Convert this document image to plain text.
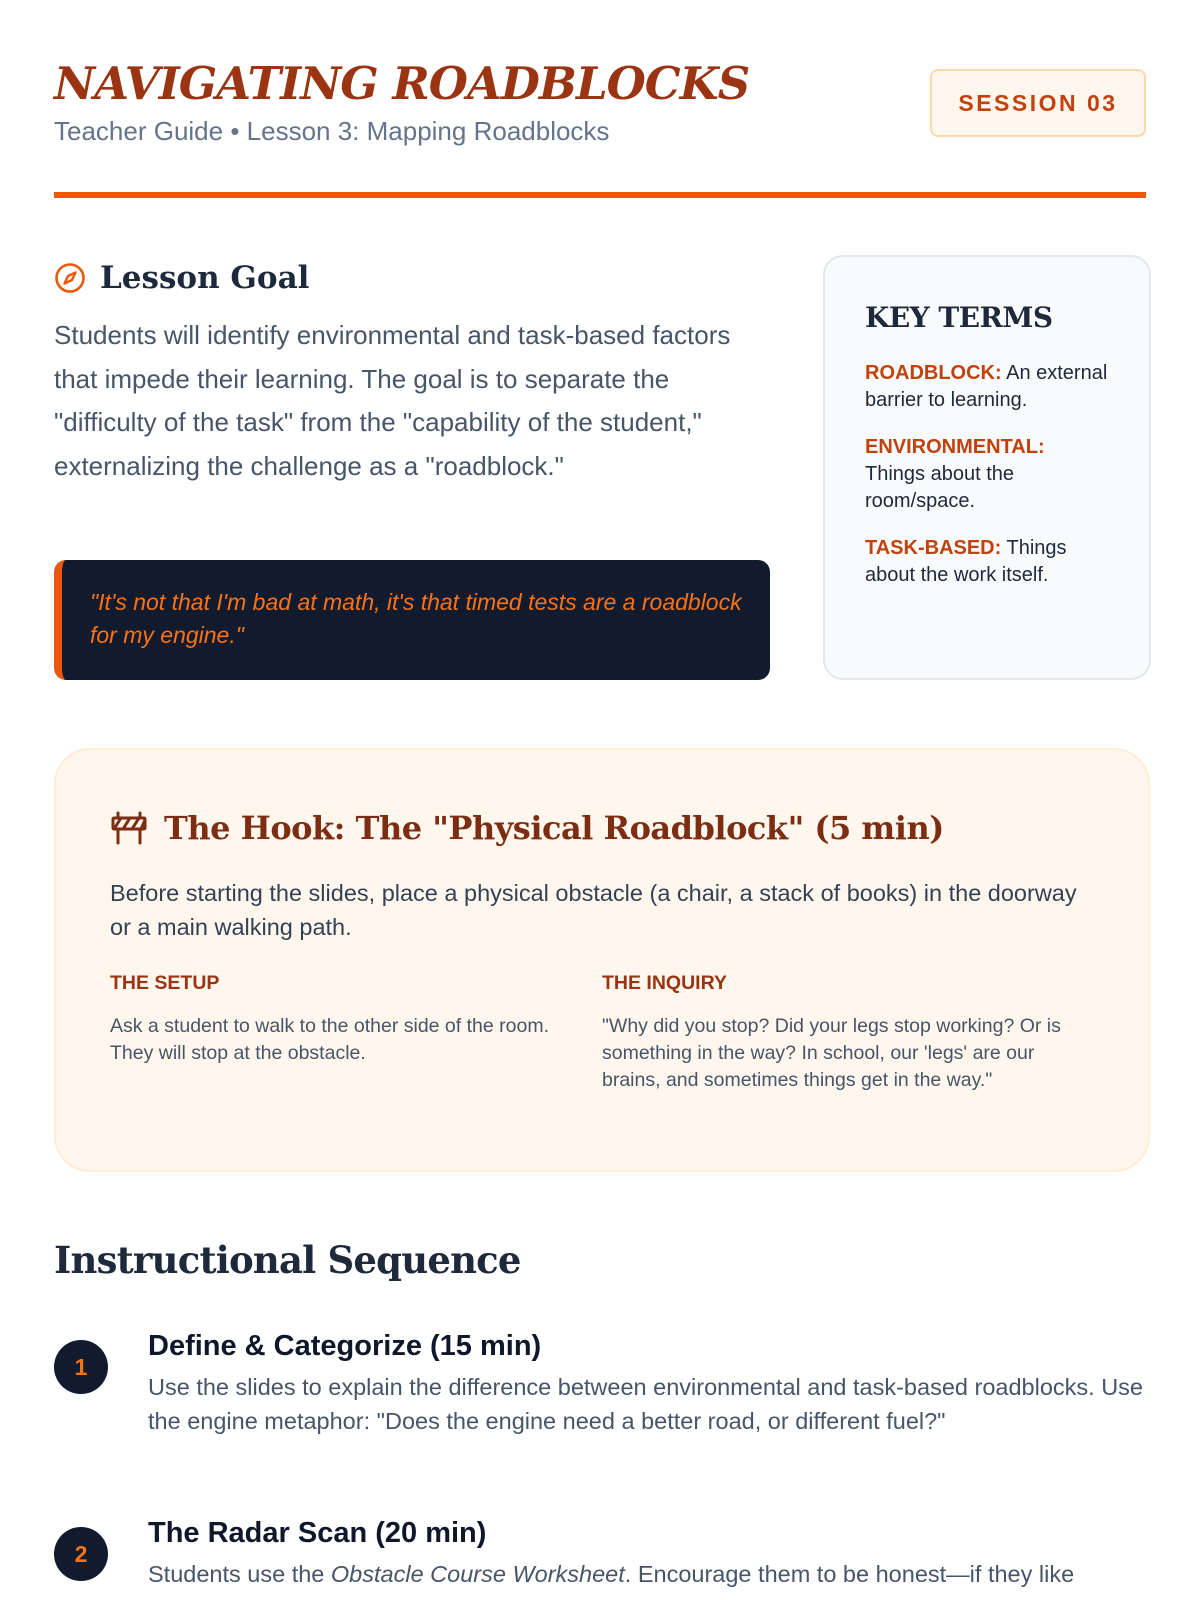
NAVIGATING ROADBLOCKS
Teacher Guide • Lesson 3: Mapping Roadblocks
SESSION 03
Lesson Goal
Students will identify environmental and task-based factors that impede their learning. The goal is to separate the "difficulty of the task" from the "capability of the student," externalizing the challenge as a "roadblock."
"It's not that I'm bad at math, it's that timed tests are a roadblock for my engine."
KEY TERMS
ROADBLOCK: An external barrier to learning.
ENVIRONMENTAL:
Things about the room/space.
TASK-BASED: Things about the work itself.
The Hook: The "Physical Roadblock" (5 min)
Before starting the slides, place a physical obstacle (a chair, a stack of books) in the doorway or a main walking path.
THE SETUP
Ask a student to walk to the other side of the room. They will stop at the obstacle.
THE INQUIRY
"Why did you stop? Did your legs stop working? Or is something in the way? In school, our 'legs' are our brains, and sometimes things get in the way."
Instructional Sequence
1
Define & Categorize (15 min)
Use the slides to explain the difference between environmental and task-based roadblocks. Use the engine metaphor: "Does the engine need a better road, or different fuel?"
2
The Radar Scan (20 min)
Students use the Obstacle Course Worksheet. Encourage them to be honest—if they like
